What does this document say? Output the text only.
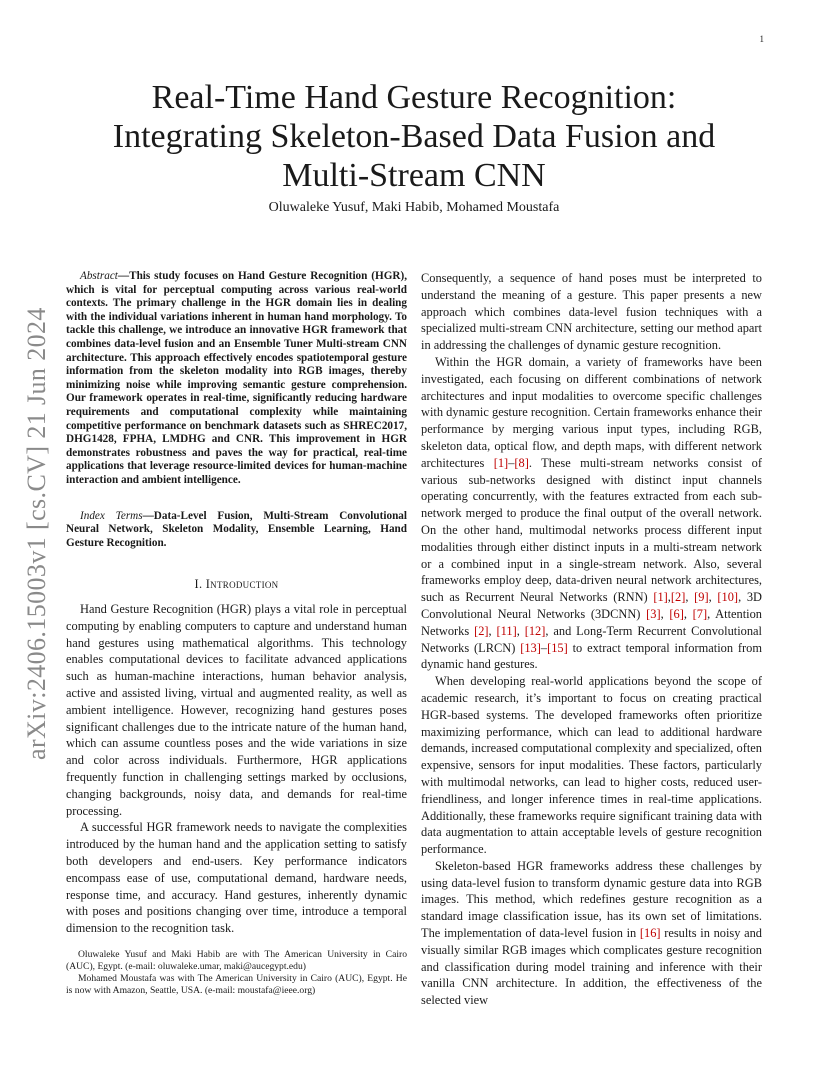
1
arXiv:2406.15003v1 [cs.CV] 21 Jun 2024
Real-Time Hand Gesture Recognition:
Integrating Skeleton-Based Data Fusion and
Multi-Stream CNN
Oluwaleke Yusuf, Maki Habib, Mohamed Moustafa

Abstract—This study focuses on Hand Gesture Recognition (HGR), which is vital for perceptual computing across various real-world contexts. The primary challenge in the HGR domain lies in dealing with the individual variations inherent in human hand morphology. To tackle this challenge, we introduce an innovative HGR framework that combines data-level fusion and an Ensemble Tuner Multi-stream CNN architecture. This approach effectively encodes spatiotemporal gesture information from the skeleton modality into RGB images, thereby minimizing noise while improving semantic gesture comprehension. Our framework operates in real-time, significantly reducing hardware requirements and computational complexity while maintaining competitive performance on benchmark datasets such as SHREC2017, DHG1428, FPHA, LMDHG and CNR. This improvement in HGR demonstrates robustness and paves the way for practical, real-time applications that leverage resource-limited devices for human-machine interaction and ambient intelligence.

Index Terms—Data-Level Fusion, Multi-Stream Convolutional Neural Network, Skeleton Modality, Ensemble Learning, Hand Gesture Recognition.

I. Introduction

Hand Gesture Recognition (HGR) plays a vital role in perceptual computing by enabling computers to capture and understand human hand gestures using mathematical algorithms. This technology enables computational devices to facilitate advanced applications such as human-machine interactions, human behavior analysis, active and assisted living, virtual and augmented reality, as well as ambient intelligence. However, recognizing hand gestures poses significant challenges due to the intricate nature of the human hand, which can assume countless poses and the wide variations in size and color across individuals. Furthermore, HGR applications frequently function in challenging settings marked by occlusions, changing backgrounds, noisy data, and demands for real-time processing.

A successful HGR framework needs to navigate the complexities introduced by the human hand and the application setting to satisfy both developers and end-users. Key performance indicators encompass ease of use, computational demand, hardware needs, response time, and accuracy. Hand gestures, inherently dynamic with poses and positions changing over time, introduce a temporal dimension to the recognition task.

Oluwaleke Yusuf and Maki Habib are with The American University in Cairo (AUC), Egypt. (e-mail: oluwaleke.umar, maki@aucegypt.edu)

Mohamed Moustafa was with The American University in Cairo (AUC), Egypt. He is now with Amazon, Seattle, USA. (e-mail: moustafa@ieee.org)

Consequently, a sequence of hand poses must be interpreted to understand the meaning of a gesture. This paper presents a new approach which combines data-level fusion techniques with a specialized multi-stream CNN architecture, setting our method apart in addressing the challenges of dynamic gesture recognition.

Within the HGR domain, a variety of frameworks have been investigated, each focusing on different combinations of network architectures and input modalities to overcome specific challenges with dynamic gesture recognition. Certain frameworks enhance their performance by merging various input types, including RGB, skeleton data, optical flow, and depth maps, with different network architectures [1]–[8]. These multi-stream networks consist of various sub-networks designed with distinct input channels operating concurrently, with the features extracted from each sub-network merged to produce the final output of the overall network. On the other hand, multimodal networks process different input modalities through either distinct inputs in a multi-stream network or a combined input in a single-stream network. Also, several frameworks employ deep, data-driven neural network architectures, such as Recurrent Neural Networks (RNN) [1],[2], [9], [10], 3D Convolutional Neural Networks (3DCNN) [3], [6], [7], Attention Networks [2], [11], [12], and Long-Term Recurrent Convolutional Networks (LRCN) [13]–[15] to extract temporal information from dynamic hand gestures.

When developing real-world applications beyond the scope of academic research, it’s important to focus on creating practical HGR-based systems. The developed frameworks often prioritize maximizing performance, which can lead to additional hardware demands, increased computational complexity and specialized, often expensive, sensors for input modalities. These factors, particularly with multimodal networks, can lead to higher costs, reduced user-friendliness, and longer inference times in real-time applications. Additionally, these frameworks require significant training data with data augmentation to attain acceptable levels of gesture recognition performance.

Skeleton-based HGR frameworks address these challenges by using data-level fusion to transform dynamic gesture data into RGB images. This method, which redefines gesture recognition as a standard image classification issue, has its own set of limitations. The implementation of data-level fusion in [16] results in noisy and visually similar RGB images which complicates gesture recognition and classification during model training and inference with their vanilla CNN architecture. In addition, the effectiveness of the selected view
